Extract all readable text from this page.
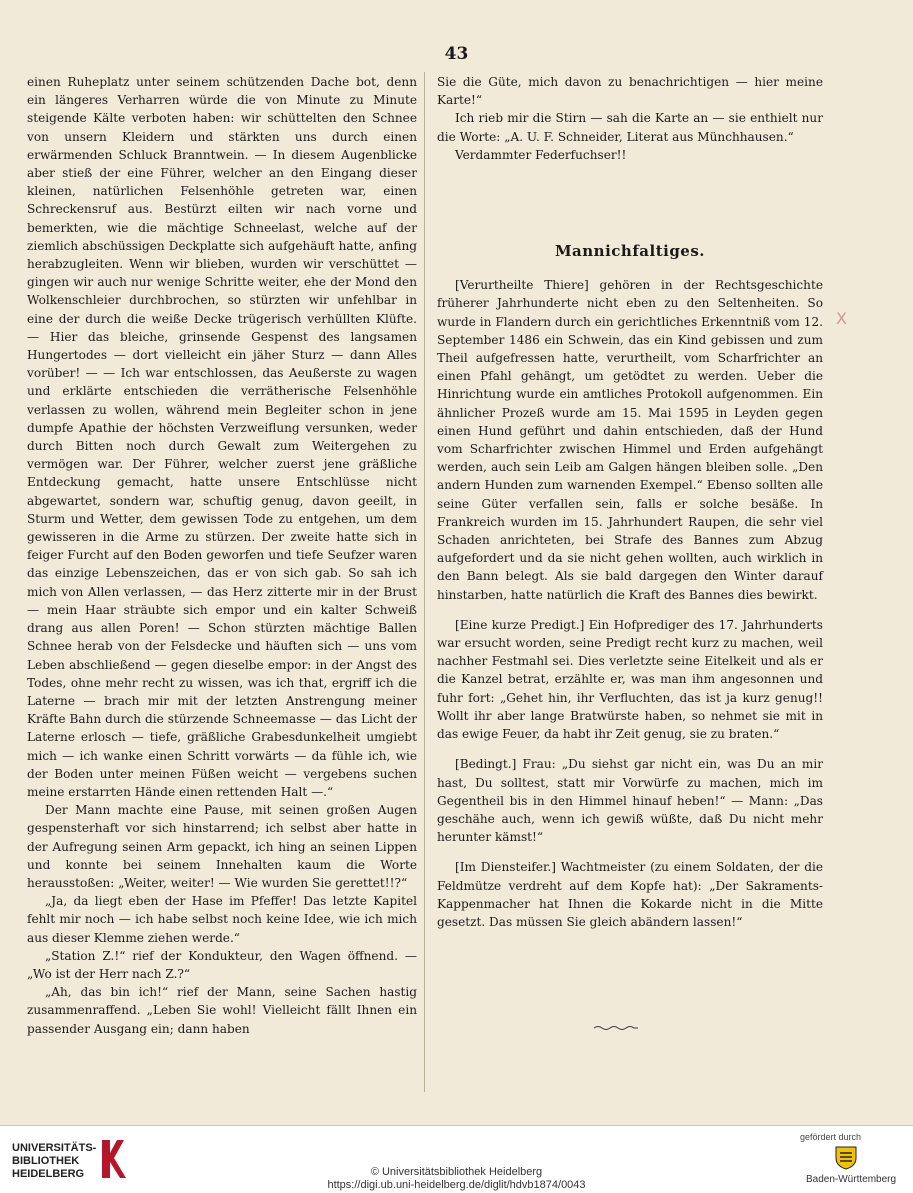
43

einen Ruheplatz unter seinem schützenden Dache bot, denn ein längeres Verharren würde die von Minute zu Minute steigende Kälte verboten haben: wir schüttelten den Schnee von unsern Kleidern und stärkten uns durch einen erwärmenden Schluck Branntwein. — In diesem Augenblicke aber stieß der eine Führer, welcher an den Eingang dieser kleinen, natürlichen Felsenhöhle getreten war, einen Schreckensruf aus. Bestürzt eilten wir nach vorne und bemerkten, wie die mächtige Schneelast, welche auf der ziemlich abschüssigen Deckplatte sich aufgehäuft hatte, anfing herabzugleiten. Wenn wir blieben, wurden wir verschüttet — gingen wir auch nur wenige Schritte weiter, ehe der Mond den Wolkenschleier durchbrochen, so stürzten wir unfehlbar in eine der durch die weiße Decke trügerisch verhüllten Klüfte. — Hier das bleiche, grinsende Gespenst des langsamen Hungertodes — dort vielleicht ein jäher Sturz — dann Alles vorüber! — — Ich war entschlossen, das Aeußerste zu wagen und erklärte entschieden die verrätherische Felsenhöhle verlassen zu wollen, während mein Begleiter schon in jene dumpfe Apathie der höchsten Verzweiflung versunken, weder durch Bitten noch durch Gewalt zum Weitergehen zu vermögen war. Der Führer, welcher zuerst jene gräßliche Entdeckung gemacht, hatte unsere Entschlüsse nicht abgewartet, sondern war, schuftig genug, davon geeilt, in Sturm und Wetter, dem gewissen Tode zu entgehen, um dem gewisseren in die Arme zu stürzen. Der zweite hatte sich in feiger Furcht auf den Boden geworfen und tiefe Seufzer waren das einzige Lebenszeichen, das er von sich gab. So sah ich mich von Allen verlassen, — das Herz zitterte mir in der Brust — mein Haar sträubte sich empor und ein kalter Schweiß drang aus allen Poren! — Schon stürzten mächtige Ballen Schnee herab von der Felsdecke und häuften sich — uns vom Leben abschließend — gegen dieselbe empor: in der Angst des Todes, ohne mehr recht zu wissen, was ich that, ergriff ich die Laterne — brach mir mit der letzten Anstrengung meiner Kräfte Bahn durch die stürzende Schneemasse — das Licht der Laterne erlosch — tiefe, gräßliche Grabesdunkelheit umgiebt mich — ich wanke einen Schritt vorwärts — da fühle ich, wie der Boden unter meinen Füßen weicht — vergebens suchen meine erstarrten Hände einen rettenden Halt —.“

Der Mann machte eine Pause, mit seinen großen Augen gespensterhaft vor sich hinstarrend; ich selbst aber hatte in der Aufregung seinen Arm gepackt, ich hing an seinen Lippen und konnte bei seinem Innehalten kaum die Worte herausstoßen: „Weiter, weiter! — Wie wurden Sie gerettet!!?“

„Ja, da liegt eben der Hase im Pfeffer! Das letzte Kapitel fehlt mir noch — ich habe selbst noch keine Idee, wie ich mich aus dieser Klemme ziehen werde.“

„Station Z.!“ rief der Kondukteur, den Wagen öffnend. — „Wo ist der Herr nach Z.?“

„Ah, das bin ich!“ rief der Mann, seine Sachen hastig zusammenraffend. „Leben Sie wohl! Vielleicht fällt Ihnen ein passender Ausgang ein; dann haben

Sie die Güte, mich davon zu benachrichtigen — hier meine Karte!“

Ich rieb mir die Stirn — sah die Karte an — sie enthielt nur die Worte: „A. U. F. Schneider, Literat aus Münchhausen.“

Verdammter Federfuchser!!

Mannichfaltiges.

[Verurtheilte Thiere] gehören in der Rechtsgeschichte früherer Jahrhunderte nicht eben zu den Seltenheiten. So wurde in Flandern durch ein gerichtliches Erkenntniß vom 12. September 1486 ein Schwein, das ein Kind gebissen und zum Theil aufgefressen hatte, verurtheilt, vom Scharfrichter an einen Pfahl gehängt, um getödtet zu werden. Ueber die Hinrichtung wurde ein amtliches Protokoll aufgenommen. Ein ähnlicher Prozeß wurde am 15. Mai 1595 in Leyden gegen einen Hund geführt und dahin entschieden, daß der Hund vom Scharfrichter zwischen Himmel und Erden aufgehängt werden, auch sein Leib am Galgen hängen bleiben solle. „Den andern Hunden zum warnenden Exempel.“ Ebenso sollten alle seine Güter verfallen sein, falls er solche besäße. In Frankreich wurden im 15. Jahrhundert Raupen, die sehr viel Schaden anrichteten, bei Strafe des Bannes zum Abzug aufgefordert und da sie nicht gehen wollten, auch wirklich in den Bann belegt. Als sie bald dargegen den Winter darauf hinstarben, hatte natürlich die Kraft des Bannes dies bewirkt.

[Eine kurze Predigt.] Ein Hofprediger des 17. Jahrhunderts war ersucht worden, seine Predigt recht kurz zu machen, weil nachher Festmahl sei. Dies verletzte seine Eitelkeit und als er die Kanzel betrat, erzählte er, was man ihm angesonnen und fuhr fort: „Gehet hin, ihr Verfluchten, das ist ja kurz genug!! Wollt ihr aber lange Bratwürste haben, so nehmet sie mit in das ewige Feuer, da habt ihr Zeit genug, sie zu braten.“

[Bedingt.] Frau: „Du siehst gar nicht ein, was Du an mir hast, Du solltest, statt mir Vorwürfe zu machen, mich im Gegentheil bis in den Himmel hinauf heben!“ — Mann: „Das geschähe auch, wenn ich gewiß wüßte, daß Du nicht mehr herunter kämst!“

[Im Diensteifer.] Wachtmeister (zu einem Soldaten, der die Feldmütze verdreht auf dem Kopfe hat): „Der Sakraments-Kappenmacher hat Ihnen die Kokarde nicht in die Mitte gesetzt. Das müssen Sie gleich abändern lassen!“

X
UNIVERSITÄTS-
BIBLIOTHEK
HEIDELBERG	© Universitätsbibliothek Heidelberg
https://digi.ub.uni-heidelberg.de/diglit/hdvb1874/0043
gefördert durch
Baden-Württemberg
